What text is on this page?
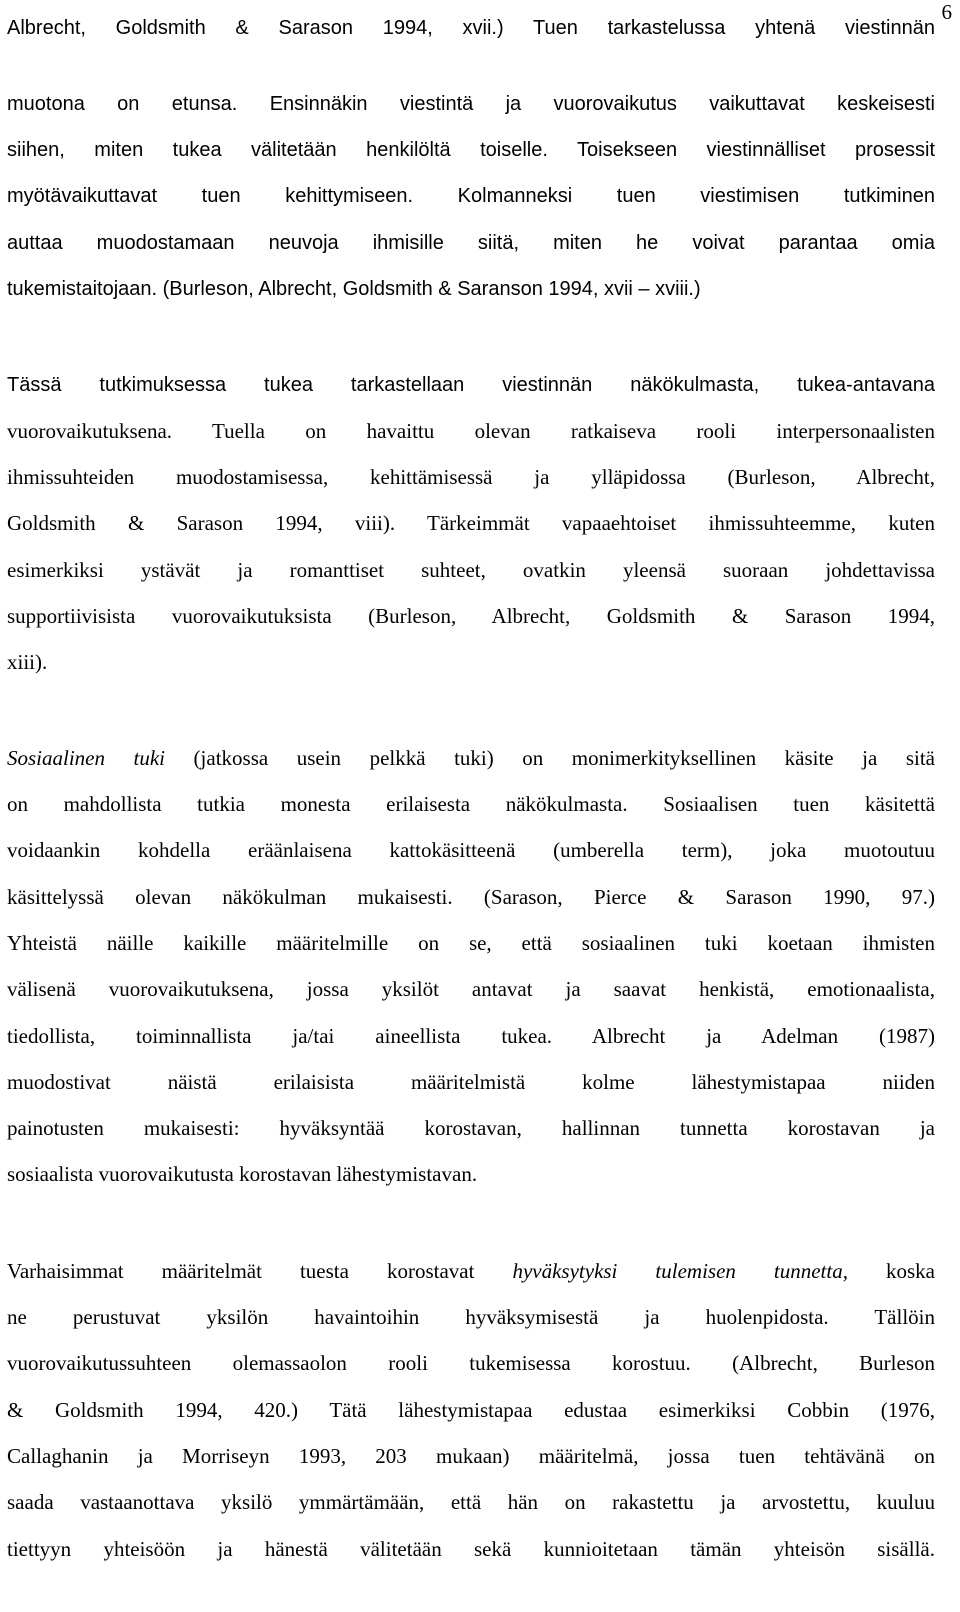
6
Albrecht, Goldsmith & Sarason 1994, xvii.) Tuen tarkastelussa yhtenä viestinnän
muotona on etunsa. Ensinnäkin viestintä ja vuorovaikutus vaikuttavat keskeisesti
siihen, miten tukea välitetään henkilöltä toiselle. Toisekseen viestinnälliset prosessit
myötävaikuttavat tuen kehittymiseen. Kolmanneksi tuen viestimisen tutkiminen
auttaa muodostamaan neuvoja ihmisille siitä, miten he voivat parantaa omia
tukemistaitojaan. (Burleson, Albrecht, Goldsmith & Saranson 1994, xvii – xviii.)
Tässä tutkimuksessa tukea tarkastellaan viestinnän näkökulmasta, tukea-antavana
vuorovaikutuksena. Tuella on havaittu olevan ratkaiseva rooli interpersonaalisten
ihmissuhteiden muodostamisessa, kehittämisessä ja ylläpidossa (Burleson, Albrecht,
Goldsmith & Sarason 1994, viii). Tärkeimmät vapaaehtoiset ihmissuhteemme, kuten
esimerkiksi ystävät ja romanttiset suhteet, ovatkin yleensä suoraan johdettavissa
supportiivisista vuorovaikutuksista (Burleson, Albrecht, Goldsmith & Sarason 1994,
xiii).
Sosiaalinen tuki (jatkossa usein pelkkä tuki) on monimerkityksellinen käsite ja sitä
on mahdollista tutkia monesta erilaisesta näkökulmasta. Sosiaalisen tuen käsitettä
voidaankin kohdella eräänlaisena kattokäsitteenä (umberella term), joka muotoutuu
käsittelyssä olevan näkökulman mukaisesti. (Sarason, Pierce & Sarason 1990, 97.)
Yhteistä näille kaikille määritelmille on se, että sosiaalinen tuki koetaan ihmisten
välisenä vuorovaikutuksena, jossa yksilöt antavat ja saavat henkistä, emotionaalista,
tiedollista, toiminnallista ja/tai aineellista tukea. Albrecht ja Adelman (1987)
muodostivat näistä erilaisista määritelmistä kolme lähestymistapaa niiden
painotusten mukaisesti: hyväksyntää korostavan, hallinnan tunnetta korostavan ja
sosiaalista vuorovaikutusta korostavan lähestymistavan.
Varhaisimmat määritelmät tuesta korostavat hyväksytyksi tulemisen tunnetta, koska
ne perustuvat yksilön havaintoihin hyväksymisestä ja huolenpidosta. Tällöin
vuorovaikutussuhteen olemassaolon rooli tukemisessa korostuu. (Albrecht, Burleson
& Goldsmith 1994, 420.) Tätä lähestymistapaa edustaa esimerkiksi Cobbin (1976,
Callaghanin ja Morriseyn 1993, 203 mukaan) määritelmä, jossa tuen tehtävänä on
saada vastaanottava yksilö ymmärtämään, että hän on rakastettu ja arvostettu, kuuluu
tiettyyn yhteisöön ja hänestä välitetään sekä kunnioitetaan tämän yhteisön sisällä.
